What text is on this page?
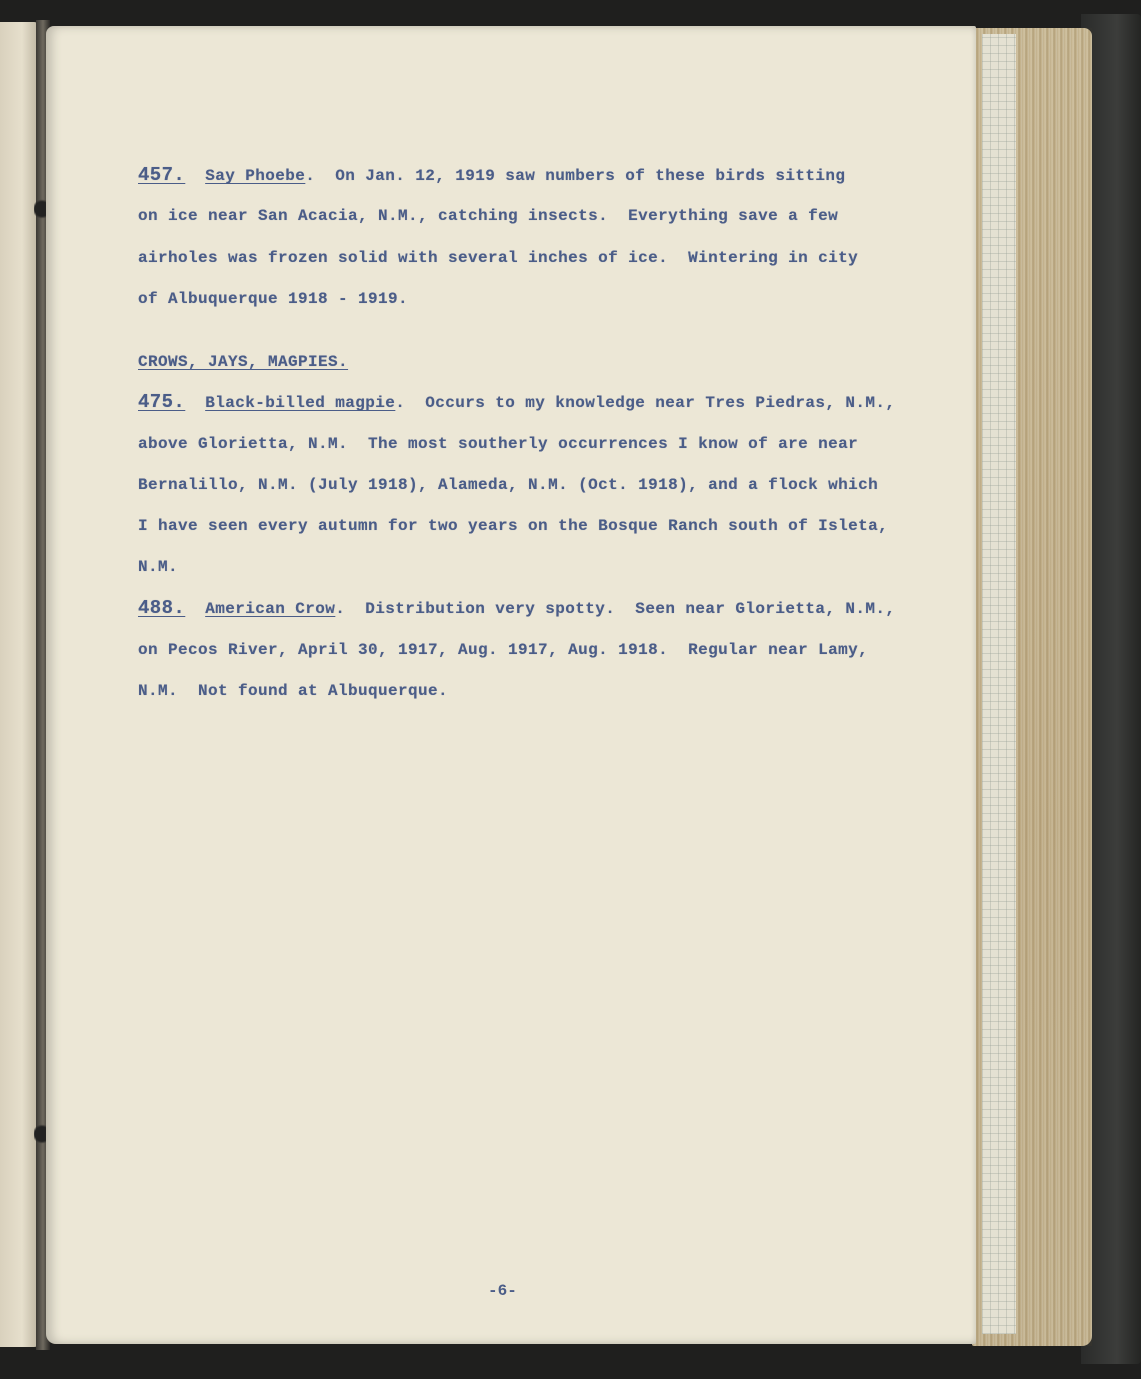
457. Say Phoebe.  On Jan. 12, 1919 saw numbers of these birds sitting
on ice near San Acacia, N.M., catching insects.  Everything save a few
airholes was frozen solid with several inches of ice.  Wintering in city
of Albuquerque 1918 - 1919.
CROWS, JAYS, MAGPIES.
475. Black-billed magpie.  Occurs to my knowledge near Tres Piedras, N.M.,
above Glorietta, N.M.  The most southerly occurrences I know of are near
Bernalillo, N.M. (July 1918), Alameda, N.M. (Oct. 1918), and a flock which
I have seen every autumn for two years on the Bosque Ranch south of Isleta,
N.M.
488. American Crow.  Distribution very spotty.  Seen near Glorietta, N.M.,
on Pecos River, April 30, 1917, Aug. 1917, Aug. 1918.  Regular near Lamy,
N.M.  Not found at Albuquerque.
-6-
